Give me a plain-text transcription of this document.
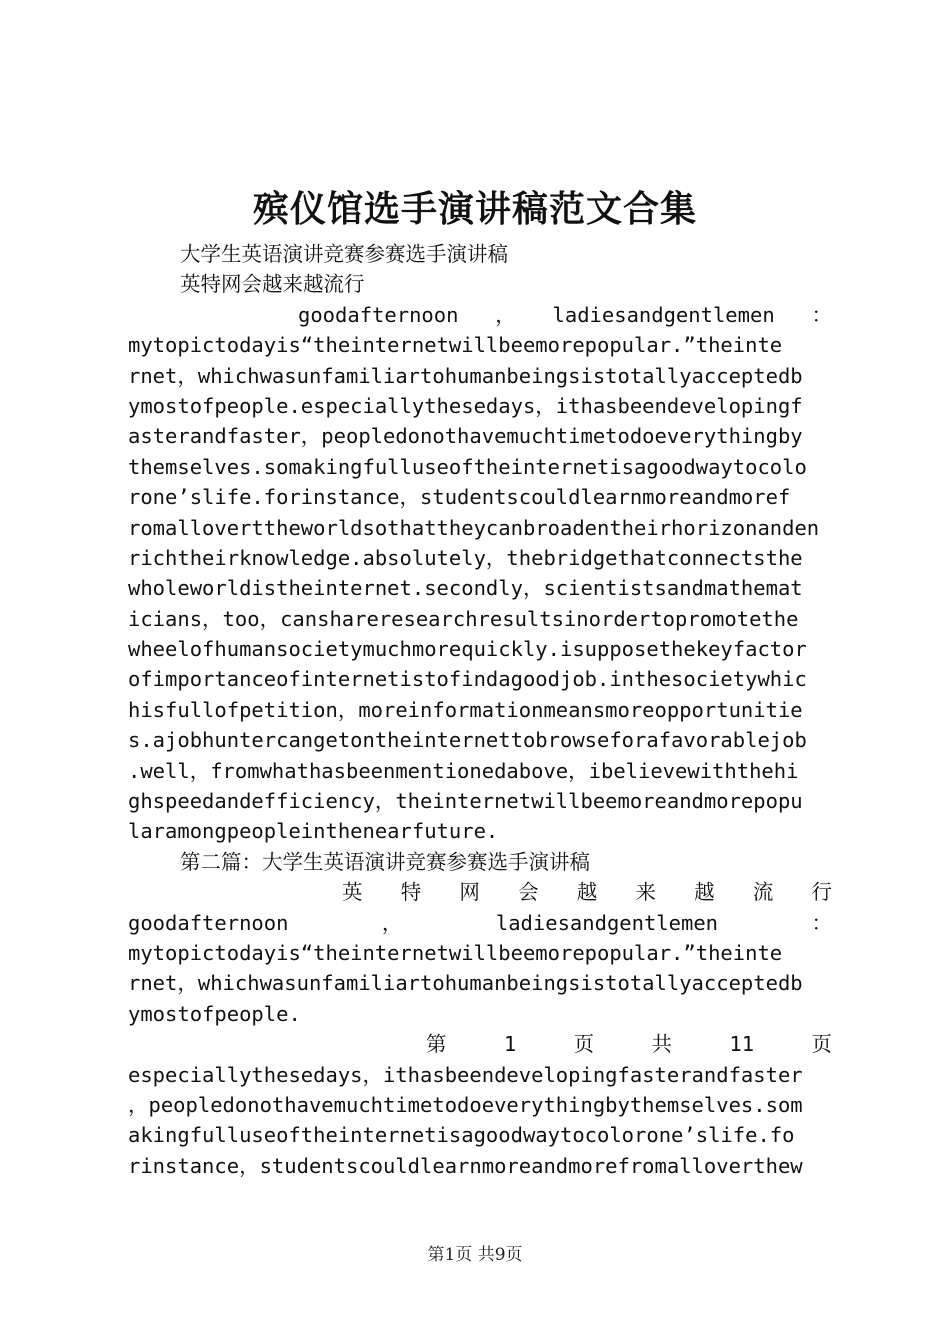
殡仪馆选手演讲稿范文合集
大学生英语演讲竞赛参赛选手演讲稿
英特网会越来越流行
goodafternoon ， ladiesandgentlemen ：
mytopictodayis“theinternetwillbeemorepopular.”theinte
rnet，whichwasunfamiliartohumanbeingsistotallyacceptedb
ymostofpeople.especiallythesedays，ithasbeendevelopingf
asterandfaster，peopledonothavemuchtimetodoeverythingby
themselves.somakingfulluseoftheinternetisagoodwaytocolo
rone’slife.forinstance，studentscouldlearnmoreandmoref
romalloverttheworldsothattheycanbroadentheirhorizonanden
richtheirknowledge.absolutely，thebridgethatconnectsthe
wholeworldistheinternet.secondly，scientistsandmathemat
icians，too，canshareresearchresultsinordertopromotethe
wheelofhumansocietymuchmorequickly.isupposethekeyfactor
ofimportanceofinternetistofindagoodjob.inthesocietywhic
hisfullofpetition，moreinformationmeansmoreopportunitie
s.ajobhuntercangetontheinternettobrowseforafavorablejob
.well，fromwhathasbeenmentionedabove，ibelievewiththehi
ghspeedandefficiency，theinternetwillbeemoreandmorepopu
laramongpeopleinthenearfuture.
第二篇：大学生英语演讲竞赛参赛选手演讲稿
英 特 网 会 越 来 越 流 行
goodafternoon	，	ladiesandgentlemen	：
mytopictodayis“theinternetwillbeemorepopular.”theinte
rnet，whichwasunfamiliartohumanbeingsistotallyacceptedb
ymostofpeople.
第	1	页	共	11	页
especiallythesedays，ithasbeendevelopingfasterandfaster
，peopledonothavemuchtimetodoeverythingbythemselves.som
akingfulluseoftheinternetisagoodwaytocolorone’slife.fo
rinstance，studentscouldlearnmoreandmorefromalloverthew
第1页 共9页
